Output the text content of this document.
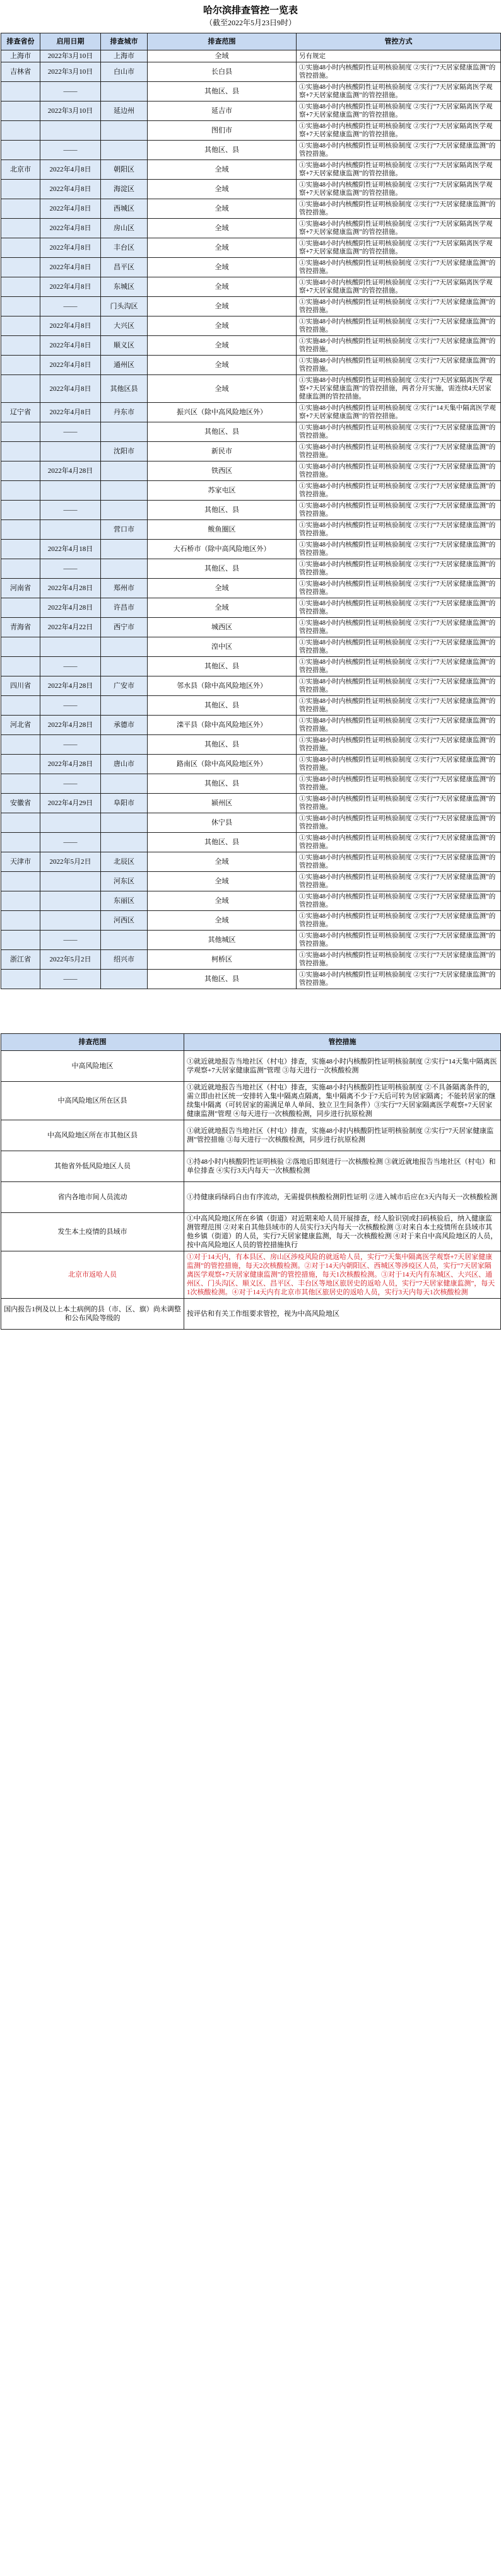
哈尔滨排查管控一览表
（截至2022年5月23日9时）
排查省份	启用日期	排查城市	排查范围	管控方式
上海市	2022年3月10日	上海市	全域	另有规定
吉林省	2022年3月10日	白山市	长白县	①实施48小时内核酸阴性证明核验制度 ②实行“7天居家健康监测”的管控措施。
	——		其他区、县	①实施48小时内核酸阴性证明核验制度 ②实行“7天居家隔离医学观察+7天居家健康监测”的管控措施。
	2022年3月10日	延边州	延吉市	①实施48小时内核酸阴性证明核验制度 ②实行“7天居家隔离医学观察+7天居家健康监测”的管控措施。
			图们市	①实施48小时内核酸阴性证明核验制度 ②实行“7天居家隔离医学观察+7天居家健康监测”的管控措施。
	——		其他区、县	①实施48小时内核酸阴性证明核验制度 ②实行“7天居家健康监测”的管控措施。
北京市	2022年4月8日	朝阳区	全域	①实施48小时内核酸阴性证明核验制度 ②实行“7天居家隔离医学观察+7天居家健康监测”的管控措施。
	2022年4月8日	海淀区	全域	①实施48小时内核酸阴性证明核验制度 ②实行“7天居家隔离医学观察+7天居家健康监测”的管控措施。
	2022年4月8日	西城区	全域	①实施48小时内核酸阴性证明核验制度 ②实行“7天居家健康监测”的管控措施。
	2022年4月8日	房山区	全域	①实施48小时内核酸阴性证明核验制度 ②实行“7天居家隔离医学观察+7天居家健康监测”的管控措施。
	2022年4月8日	丰台区	全域	①实施48小时内核酸阴性证明核验制度 ②实行“7天居家隔离医学观察+7天居家健康监测”的管控措施。
	2022年4月8日	昌平区	全域	①实施48小时内核酸阴性证明核验制度 ②实行“7天居家健康监测”的管控措施。
	2022年4月8日	东城区	全域	①实施48小时内核酸阴性证明核验制度 ②实行“7天居家隔离医学观察+7天居家健康监测”的管控措施。
	——	门头沟区	全域	①实施48小时内核酸阴性证明核验制度 ②实行“7天居家健康监测”的管控措施。
	2022年4月8日	大兴区	全域	①实施48小时内核酸阴性证明核验制度 ②实行“7天居家健康监测”的管控措施。
	2022年4月8日	顺义区	全域	①实施48小时内核酸阴性证明核验制度 ②实行“7天居家健康监测”的管控措施。
	2022年4月8日	通州区	全域	①实施48小时内核酸阴性证明核验制度 ②实行“7天居家健康监测”的管控措施。
	2022年4月8日	其他区县	全域	①实施48小时内核酸阴性证明核验制度 ②实行“7天居家隔离医学观察+7天居家健康监测”的管控措施，两者分开实施，需连续4天居家健康监测的管控措施。
辽宁省	2022年4月8日	丹东市	振兴区（除中高风险地区外）	①实施48小时内核酸阴性证明核验制度 ②实行“14天集中隔离医学观察+7天居家健康监测”的管控措施。
	——		其他区、县	①实施48小时内核酸阴性证明核验制度 ②实行“7天居家健康监测”的管控措施。
		沈阳市	新民市	①实施48小时内核酸阴性证明核验制度 ②实行“7天居家健康监测”的管控措施。
	2022年4月28日		铁西区	①实施48小时内核酸阴性证明核验制度 ②实行“7天居家健康监测”的管控措施。
			苏家屯区	①实施48小时内核酸阴性证明核验制度 ②实行“7天居家健康监测”的管控措施。
	——		其他区、县	①实施48小时内核酸阴性证明核验制度 ②实行“7天居家健康监测”的管控措施。
		营口市	鲅鱼圈区	①实施48小时内核酸阴性证明核验制度 ②实行“7天居家健康监测”的管控措施。
	2022年4月18日		大石桥市（除中高风险地区外）	①实施48小时内核酸阴性证明核验制度 ②实行“7天居家健康监测”的管控措施。
	——		其他区、县	①实施48小时内核酸阴性证明核验制度 ②实行“7天居家健康监测”的管控措施。
河南省	2022年4月28日	郑州市	全域	①实施48小时内核酸阴性证明核验制度 ②实行“7天居家健康监测”的管控措施。
	2022年4月28日	许昌市	全域	①实施48小时内核酸阴性证明核验制度 ②实行“7天居家健康监测”的管控措施。
青海省	2022年4月22日	西宁市	城西区	①实施48小时内核酸阴性证明核验制度 ②实行“7天居家健康监测”的管控措施。
			湟中区	①实施48小时内核酸阴性证明核验制度 ②实行“7天居家健康监测”的管控措施。
	——		其他区、县	①实施48小时内核酸阴性证明核验制度 ②实行“7天居家健康监测”的管控措施。
四川省	2022年4月28日	广安市	邻水县（除中高风险地区外）	①实施48小时内核酸阴性证明核验制度 ②实行“7天居家健康监测”的管控措施。
	——		其他区、县	①实施48小时内核酸阴性证明核验制度 ②实行“7天居家健康监测”的管控措施。
河北省	2022年4月28日	承德市	滦平县（除中高风险地区外）	①实施48小时内核酸阴性证明核验制度 ②实行“7天居家健康监测”的管控措施。
	——		其他区、县	①实施48小时内核酸阴性证明核验制度 ②实行“7天居家健康监测”的管控措施。
	2022年4月28日	唐山市	路南区（除中高风险地区外）	①实施48小时内核酸阴性证明核验制度 ②实行“7天居家健康监测”的管控措施。
	——		其他区、县	①实施48小时内核酸阴性证明核验制度 ②实行“7天居家健康监测”的管控措施。
安徽省	2022年4月29日	阜阳市	颍州区	①实施48小时内核酸阴性证明核验制度 ②实行“7天居家健康监测”的管控措施。
			休宁县	①实施48小时内核酸阴性证明核验制度 ②实行“7天居家健康监测”的管控措施。
	——		其他区、县	①实施48小时内核酸阴性证明核验制度 ②实行“7天居家健康监测”的管控措施。
天津市	2022年5月2日	北辰区	全域	①实施48小时内核酸阴性证明核验制度 ②实行“7天居家健康监测”的管控措施。
		河东区	全域	①实施48小时内核酸阴性证明核验制度 ②实行“7天居家健康监测”的管控措施。
		东丽区	全域	①实施48小时内核酸阴性证明核验制度 ②实行“7天居家健康监测”的管控措施。
		河西区	全域	①实施48小时内核酸阴性证明核验制度 ②实行“7天居家健康监测”的管控措施。
	——		其他城区	①实施48小时内核酸阴性证明核验制度 ②实行“7天居家健康监测”的管控措施。
浙江省	2022年5月2日	绍兴市	柯桥区	①实施48小时内核酸阴性证明核验制度 ②实行“7天居家健康监测”的管控措施。
	——		其他区、县	①实施48小时内核酸阴性证明核验制度 ②实行“7天居家健康监测”的管控措施。
排查范围	管控措施
中高风险地区	①就近就地报告当地社区（村屯）排查，实施48小时内核酸阴性证明核验制度 ②实行“14天集中隔离医学观察+7天居家健康监测”管理 ③每天进行一次核酸检测
中高风险地区所在区县	①就近就地报告当地社区（村屯）排查，实施48小时内核酸阴性证明核验制度 ②不具备隔离条件的，需立即由社区统一安排转入集中隔离点隔离，集中隔离不少于7天后可转为居家隔离；不能转居家的继续集中隔离（可转居家的需满足单人单间、独立卫生间条件）③实行“7天居家隔离医学观察+7天居家健康监测”管理 ④每天进行一次核酸检测，同步进行抗原检测
中高风险地区所在市其他区县	①就近就地报告当地社区（村屯）排查，实施48小时内核酸阴性证明核验制度 ②实行“7天居家健康监测”管控措施 ③每天进行一次核酸检测，同步进行抗原检测
其他省外低风险地区人员	①持48小时内核酸阴性证明核验 ②落地后即刻进行一次核酸检测 ③就近就地报告当地社区（村屯）和单位排查 ④实行3天内每天一次核酸检测
省内各地市间人员流动	①持健康码绿码自由有序流动，无需提供核酸检测阴性证明 ②进入城市后应在3天内每天一次核酸检测
发生本土疫情的县域市	①中高风险地区所在乡镇（街道）对近期来哈人员开展排查，经人脸识别或扫码核验后，纳入健康监测管理范围 ②对来自其他县域市的人员实行3天内每天一次核酸检测 ③对来自本土疫情所在县域市其他乡镇（街道）的人员，实行7天居家健康监测，每天一次核酸检测 ④对于来自中高风险地区的人员，按中高风险地区人员的管控措施执行
北京市返哈人员	①对于14天内，有本县区、房山区涉疫风险的就返哈人员，实行“7天集中隔离医学观察+7天居家健康监测”的管控措施，每天2次核酸检测。②对于14天内朝阳区、西城区等涉疫区人员，实行“7天居家隔离医学观察+7天居家健康监测”的管控措施，每天1次核酸检测。③对于14天内有东城区、大兴区、通州区、门头沟区、顺义区、昌平区、丰台区等地区旅居史的返哈人员，实行“7天居家健康监测”，每天1次核酸检测。④对于14天内有北京市其他区旅居史的返哈人员，实行3天内每天1次核酸检测
国内报告1例及以上本土病例的县（市、区、旗）尚未调整和公布风险等级的	按评估和有关工作组要求管控，视为中高风险地区
